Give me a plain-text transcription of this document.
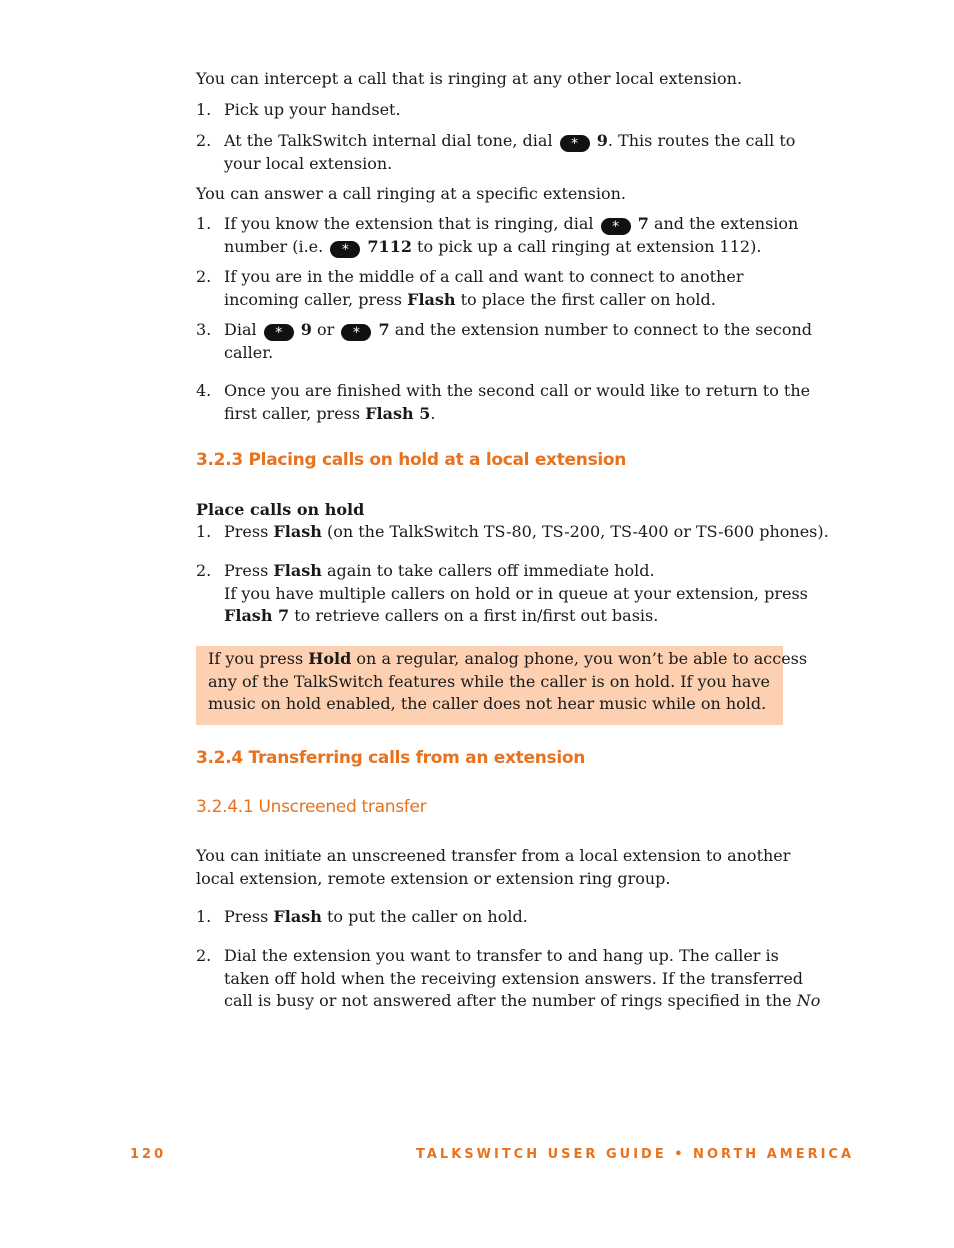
You can intercept a call that is ringing at any other local extension.
1. Pick up your handset.
2. At the TalkSwitch internal dial tone, dial * 9. This routes the call to
your local extension.
You can answer a call ringing at a specific extension.
1. If you know the extension that is ringing, dial * 7 and the extension
number (i.e. * 7112 to pick up a call ringing at extension 112).
2. If you are in the middle of a call and want to connect to another
incoming caller, press Flash to place the first caller on hold.
3. Dial * 9 or * 7 and the extension number to connect to the second
caller.
4. Once you are finished with the second call or would like to return to the
first caller, press Flash 5.
3.2.3 Placing calls on hold at a local extension
Place calls on hold
1. Press Flash (on the TalkSwitch TS-80, TS-200, TS-400 or TS-600 phones).
2. Press Flash again to take callers off immediate hold.
If you have multiple callers on hold or in queue at your extension, press
Flash 7 to retrieve callers on a first in/first out basis.
If you press Hold on a regular, analog phone, you won’t be able to access
any of the TalkSwitch features while the caller is on hold. If you have
music on hold enabled, the caller does not hear music while on hold.
3.2.4 Transferring calls from an extension
3.2.4.1 Unscreened transfer
You can initiate an unscreened transfer from a local extension to another
local extension, remote extension or extension ring group.
1. Press Flash to put the caller on hold.
2. Dial the extension you want to transfer to and hang up. The caller is
taken off hold when the receiving extension answers. If the transferred
call is busy or not answered after the number of rings specified in the No
120	TALKSWITCH USER GUIDE • NORTH AMERICA
